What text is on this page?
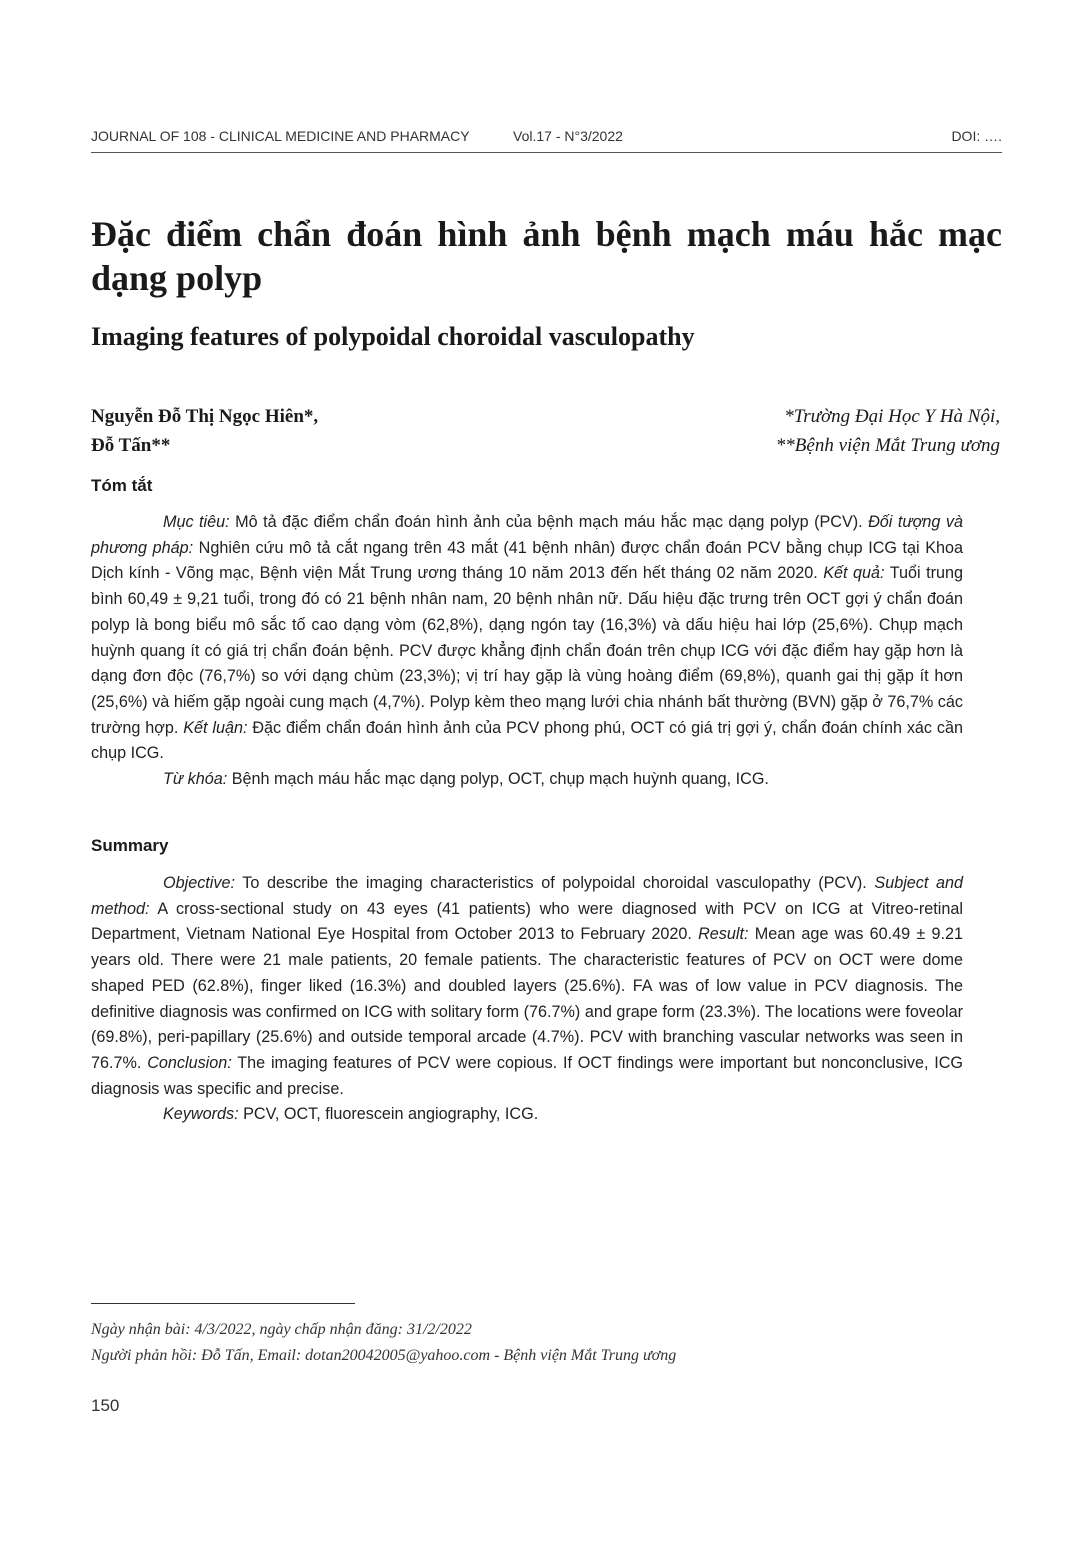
JOURNAL OF 108 - CLINICAL MEDICINE AND PHARMACY	Vol.17 - N°3/2022	DOI: ….
Đặc điểm chẩn đoán hình ảnh bệnh mạch máu hắc mạc dạng polyp
Imaging features of polypoidal choroidal vasculopathy
Nguyễn Đỗ Thị Ngọc Hiên*,	*Trường Đại Học Y Hà Nội,
Đỗ Tấn**	**Bệnh viện Mắt Trung ương
Tóm tắt

Mục tiêu: Mô tả đặc điểm chẩn đoán hình ảnh của bệnh mạch máu hắc mạc dạng polyp (PCV). Đối tượng và phương pháp: Nghiên cứu mô tả cắt ngang trên 43 mắt (41 bệnh nhân) được chẩn đoán PCV bằng chụp ICG tại Khoa Dịch kính - Võng mạc, Bệnh viện Mắt Trung ương tháng 10 năm 2013 đến hết tháng 02 năm 2020. Kết quả: Tuổi trung bình 60,49 ± 9,21 tuổi, trong đó có 21 bệnh nhân nam, 20 bệnh nhân nữ. Dấu hiệu đặc trưng trên OCT gợi ý chẩn đoán polyp là bong biểu mô sắc tố cao dạng vòm (62,8%), dạng ngón tay (16,3%) và dấu hiệu hai lớp (25,6%). Chụp mạch huỳnh quang ít có giá trị chẩn đoán bệnh. PCV được khẳng định chẩn đoán trên chụp ICG với đặc điểm hay gặp hơn là dạng đơn độc (76,7%) so với dạng chùm (23,3%); vị trí hay gặp là vùng hoàng điểm (69,8%), quanh gai thị gặp ít hơn (25,6%) và hiếm gặp ngoài cung mạch (4,7%). Polyp kèm theo mạng lưới chia nhánh bất thường (BVN) gặp ở 76,7% các trường hợp. Kết luận: Đặc điểm chẩn đoán hình ảnh của PCV phong phú, OCT có giá trị gợi ý, chẩn đoán chính xác cần chụp ICG.

Từ khóa: Bệnh mạch máu hắc mạc dạng polyp, OCT, chụp mạch huỳnh quang, ICG.

Summary

Objective: To describe the imaging characteristics of polypoidal choroidal vasculopathy (PCV). Subject and method: A cross-sectional study on 43 eyes (41 patients) who were diagnosed with PCV on ICG at Vitreo-retinal Department, Vietnam National Eye Hospital from October 2013 to February 2020. Result: Mean age was 60.49 ± 9.21 years old. There were 21 male patients, 20 female patients. The characteristic features of PCV on OCT were dome shaped PED (62.8%), finger liked (16.3%) and doubled layers (25.6%). FA was of low value in PCV diagnosis. The definitive diagnosis was confirmed on ICG with solitary form (76.7%) and grape form (23.3%). The locations were foveolar (69.8%), peri-papillary (25.6%) and outside temporal arcade (4.7%). PCV with branching vascular networks was seen in 76.7%. Conclusion: The imaging features of PCV were copious. If OCT findings were important but nonconclusive, ICG diagnosis was specific and precise.

Keywords: PCV, OCT, fluorescein angiography, ICG.

Ngày nhận bài: 4/3/2022, ngày chấp nhận đăng: 31/2/2022
Người phản hồi: Đỗ Tấn, Email: dotan20042005@yahoo.com - Bệnh viện Mắt Trung ương
150
